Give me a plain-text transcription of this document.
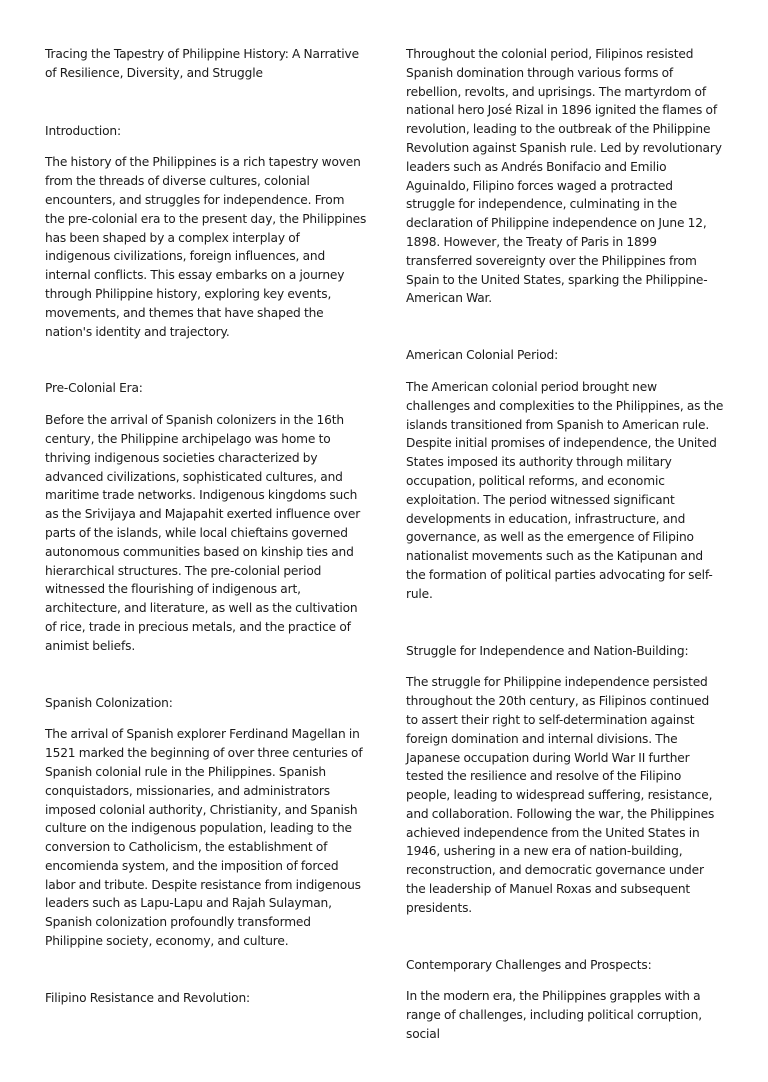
Tracing the Tapestry of Philippine History: A Narrative of Resilience, Diversity, and Struggle

Introduction:

The history of the Philippines is a rich tapestry woven from the threads of diverse cultures, colonial encounters, and struggles for independence. From the pre-colonial era to the present day, the Philippines has been shaped by a complex interplay of indigenous civilizations, foreign influences, and internal conflicts. This essay embarks on a journey through Philippine history, exploring key events, movements, and themes that have shaped the nation's identity and trajectory.

Pre-Colonial Era:

Before the arrival of Spanish colonizers in the 16th century, the Philippine archipelago was home to thriving indigenous societies characterized by advanced civilizations, sophisticated cultures, and maritime trade networks. Indigenous kingdoms such as the Srivijaya and Majapahit exerted influence over parts of the islands, while local chieftains governed autonomous communities based on kinship ties and hierarchical structures. The pre-colonial period witnessed the flourishing of indigenous art, architecture, and literature, as well as the cultivation of rice, trade in precious metals, and the practice of animist beliefs.

Spanish Colonization:

The arrival of Spanish explorer Ferdinand Magellan in 1521 marked the beginning of over three centuries of Spanish colonial rule in the Philippines. Spanish conquistadors, missionaries, and administrators imposed colonial authority, Christianity, and Spanish culture on the indigenous population, leading to the conversion to Catholicism, the establishment of encomienda system, and the imposition of forced labor and tribute. Despite resistance from indigenous leaders such as Lapu-Lapu and Rajah Sulayman, Spanish colonization profoundly transformed Philippine society, economy, and culture.

Filipino Resistance and Revolution:

Throughout the colonial period, Filipinos resisted Spanish domination through various forms of rebellion, revolts, and uprisings. The martyrdom of national hero José Rizal in 1896 ignited the flames of revolution, leading to the outbreak of the Philippine Revolution against Spanish rule. Led by revolutionary leaders such as Andrés Bonifacio and Emilio Aguinaldo, Filipino forces waged a protracted struggle for independence, culminating in the declaration of Philippine independence on June 12, 1898. However, the Treaty of Paris in 1899 transferred sovereignty over the Philippines from Spain to the United States, sparking the Philippine-American War.

American Colonial Period:

The American colonial period brought new challenges and complexities to the Philippines, as the islands transitioned from Spanish to American rule. Despite initial promises of independence, the United States imposed its authority through military occupation, political reforms, and economic exploitation. The period witnessed significant developments in education, infrastructure, and governance, as well as the emergence of Filipino nationalist movements such as the Katipunan and the formation of political parties advocating for self-rule.

Struggle for Independence and Nation-Building:

The struggle for Philippine independence persisted throughout the 20th century, as Filipinos continued to assert their right to self-determination against foreign domination and internal divisions. The Japanese occupation during World War II further tested the resilience and resolve of the Filipino people, leading to widespread suffering, resistance, and collaboration. Following the war, the Philippines achieved independence from the United States in 1946, ushering in a new era of nation-building, reconstruction, and democratic governance under the leadership of Manuel Roxas and subsequent presidents.

Contemporary Challenges and Prospects:

In the modern era, the Philippines grapples with a range of challenges, including political corruption, social
